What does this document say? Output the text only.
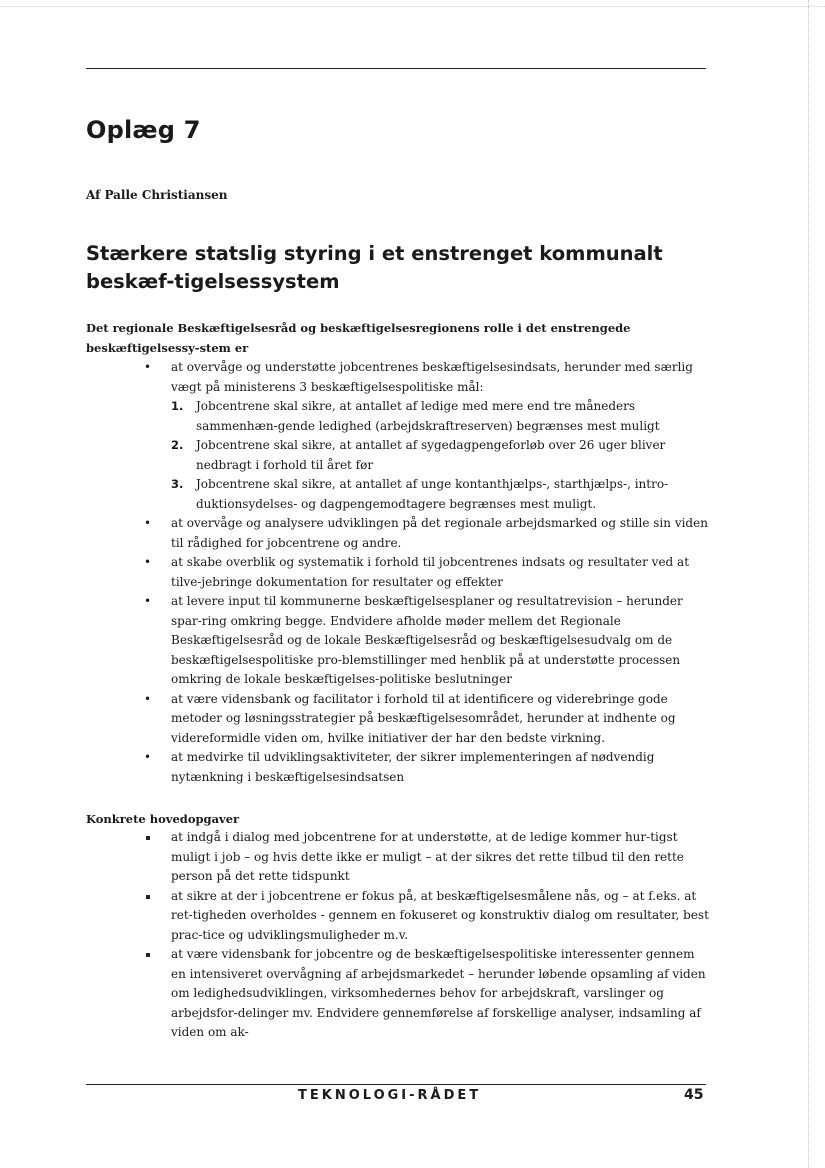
Oplæg 7

Af Palle Christiansen

Stærkere statslig styring i et enstrenget kommunalt beskæf-tigelsessystem

Det regionale Beskæftigelsesråd og beskæftigelsesregionens rolle i det enstrengede beskæftigelsessy-stem er

• at overvåge og understøtte jobcentrenes beskæftigelsesindsats, herunder med særlig vægt på ministerens 3 beskæftigelsespolitiske mål:
1. Jobcentrene skal sikre, at antallet af ledige med mere end tre måneders sammenhæn-gende ledighed (arbejdskraftreserven) begrænses mest muligt
2. Jobcentrene skal sikre, at antallet af sygedagpengeforløb over 26 uger bliver nedbragt i forhold til året før
3. Jobcentrene skal sikre, at antallet af unge kontanthjælps-, starthjælps-, intro-duktionsydelses- og dagpengemodtagere begrænses mest muligt.
• at overvåge og analysere udviklingen på det regionale arbejdsmarked og stille sin viden til rådighed for jobcentrene og andre.
• at skabe overblik og systematik i forhold til jobcentrenes indsats og resultater ved at tilve-jebringe dokumentation for resultater og effekter
• at levere input til kommunerne beskæftigelsesplaner og resultatrevision – herunder spar-ring omkring begge. Endvidere afholde møder mellem det Regionale Beskæftigelsesråd og de lokale Beskæftigelsesråd og beskæftigelsesudvalg om de beskæftigelsespolitiske pro-blemstillinger med henblik på at understøtte processen omkring de lokale beskæftigelses-politiske beslutninger
• at være vidensbank og facilitator i forhold til at identificere og viderebringe gode metoder og løsningsstrategier på beskæftigelsesområdet, herunder at indhente og videreformidle viden om, hvilke initiativer der har den bedste virkning.
• at medvirke til udviklingsaktiviteter, der sikrer implementeringen af nødvendig nytænkning i beskæftigelsesindsatsen

Konkrete hovedopgaver

at indgå i dialog med jobcentrene for at understøtte, at de ledige kommer hur-tigst muligt i job – og hvis dette ikke er muligt – at der sikres det rette tilbud til den rette person på det rette tidspunkt
at sikre at der i jobcentrene er fokus på, at beskæftigelsesmålene nås, og – at f.eks. at ret-tigheden overholdes - gennem en fokuseret og konstruktiv dialog om resultater, best prac-tice og udviklingsmuligheder m.v.
at være vidensbank for jobcentre og de beskæftigelsespolitiske interessenter gennem en intensiveret overvågning af arbejdsmarkedet – herunder løbende opsamling af viden om ledighedsudviklingen, virksomhedernes behov for arbejdskraft, varslinger og arbejdsfor-delinger mv. Endvidere gennemførelse af forskellige analyser, indsamling af viden om ak-

TEKNOLOGI-RÅDET	45
